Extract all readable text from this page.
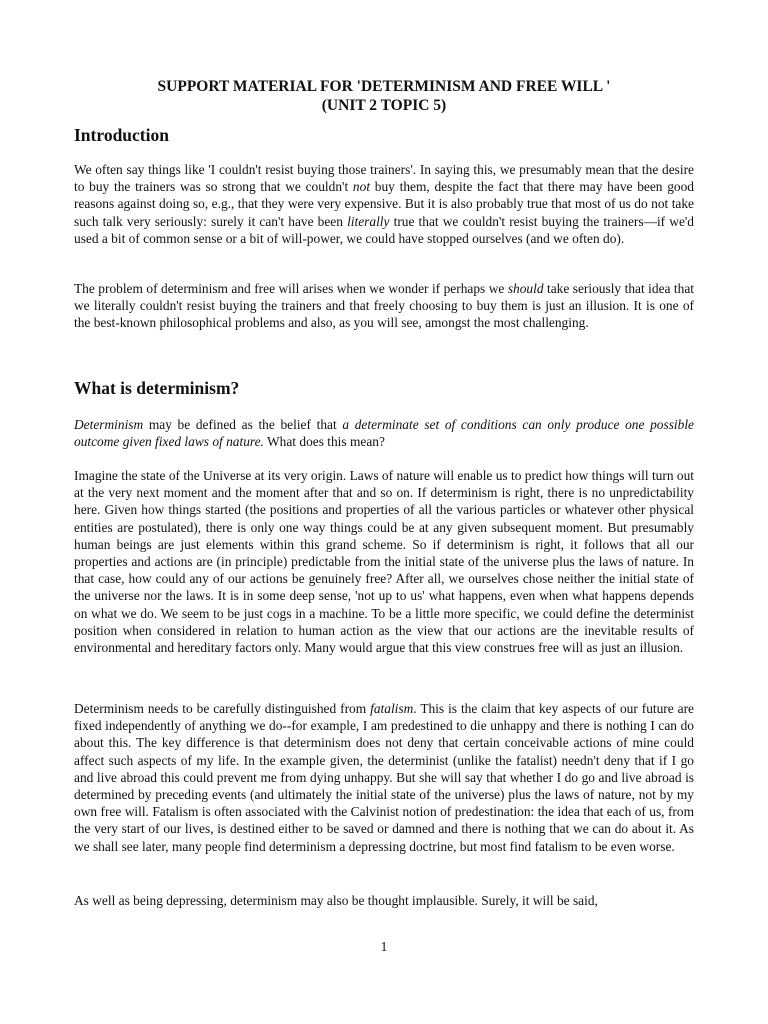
SUPPORT MATERIAL FOR 'DETERMINISM AND FREE WILL '
(UNIT 2 TOPIC 5)
Introduction

We often say things like 'I couldn't resist buying those trainers'. In saying this, we presumably mean that the desire to buy the trainers was so strong that we couldn't not buy them, despite the fact that there may have been good reasons against doing so, e.g., that they were very expensive. But it is also probably true that most of us do not take such talk very seriously: surely it can't have been literally true that we couldn't resist buying the trainers—if we'd used a bit of common sense or a bit of will-power, we could have stopped ourselves (and we often do).

The problem of determinism and free will arises when we wonder if perhaps we should take seriously that idea that we literally couldn't resist buying the trainers and that freely choosing to buy them is just an illusion. It is one of the best-known philosophical problems and also, as you will see, amongst the most challenging.

What is determinism?

Determinism may be defined as the belief that a determinate set of conditions can only produce one possible outcome given fixed laws of nature. What does this mean?

Imagine the state of the Universe at its very origin. Laws of nature will enable us to predict how things will turn out at the very next moment and the moment after that and so on. If determinism is right, there is no unpredictability here. Given how things started (the positions and properties of all the various particles or whatever other physical entities are postulated), there is only one way things could be at any given subsequent moment. But presumably human beings are just elements within this grand scheme. So if determinism is right, it follows that all our properties and actions are (in principle) predictable from the initial state of the universe plus the laws of nature. In that case, how could any of our actions be genuinely free? After all, we ourselves chose neither the initial state of the universe nor the laws. It is in some deep sense, 'not up to us' what happens, even when what happens depends on what we do. We seem to be just cogs in a machine. To be a little more specific, we could define the determinist position when considered in relation to human action as the view that our actions are the inevitable results of environmental and hereditary factors only. Many would argue that this view construes free will as just an illusion.

Determinism needs to be carefully distinguished from fatalism. This is the claim that key aspects of our future are fixed independently of anything we do--for example, I am predestined to die unhappy and there is nothing I can do about this. The key difference is that determinism does not deny that certain conceivable actions of mine could affect such aspects of my life. In the example given, the determinist (unlike the fatalist) needn't deny that if I go and live abroad this could prevent me from dying unhappy. But she will say that whether I do go and live abroad is determined by preceding events (and ultimately the initial state of the universe) plus the laws of nature, not by my own free will. Fatalism is often associated with the Calvinist notion of predestination: the idea that each of us, from the very start of our lives, is destined either to be saved or damned and there is nothing that we can do about it. As we shall see later, many people find determinism a depressing doctrine, but most find fatalism to be even worse.

As well as being depressing, determinism may also be thought implausible. Surely, it will be said,

1
